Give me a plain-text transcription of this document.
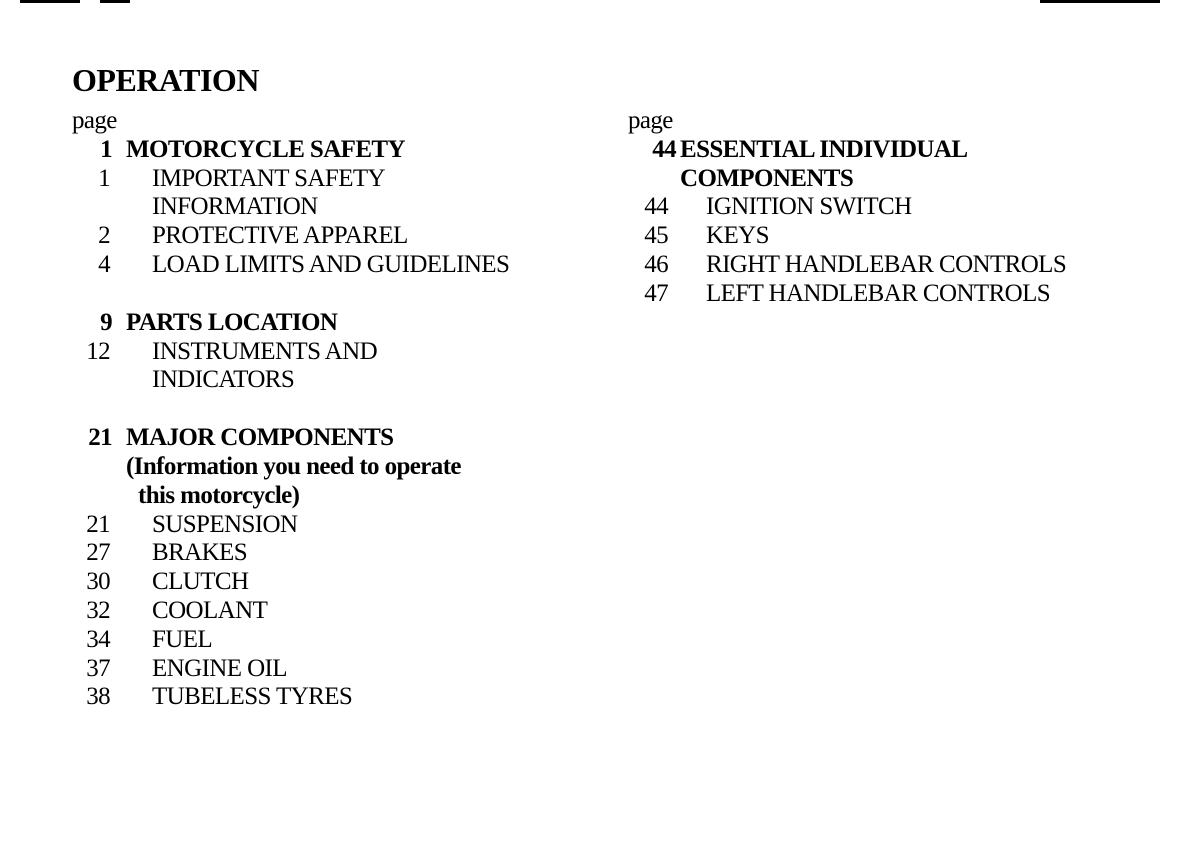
OPERATION
page
1 MOTORCYCLE SAFETY
1 IMPORTANT SAFETY
INFORMATION
2 PROTECTIVE APPAREL
4 LOAD LIMITS AND GUIDELINES
9 PARTS LOCATION
12 INSTRUMENTS AND
INDICATORS
21 MAJOR COMPONENTS
(Information you need to operate
this motorcycle)
21 SUSPENSION
27 BRAKES
30 CLUTCH
32 COOLANT
34 FUEL
37 ENGINE OIL
38 TUBELESS TYRES
page
44 ESSENTIAL INDIVIDUAL
COMPONENTS
44 IGNITION SWITCH
45 KEYS
46 RIGHT HANDLEBAR CONTROLS
47 LEFT HANDLEBAR CONTROLS
